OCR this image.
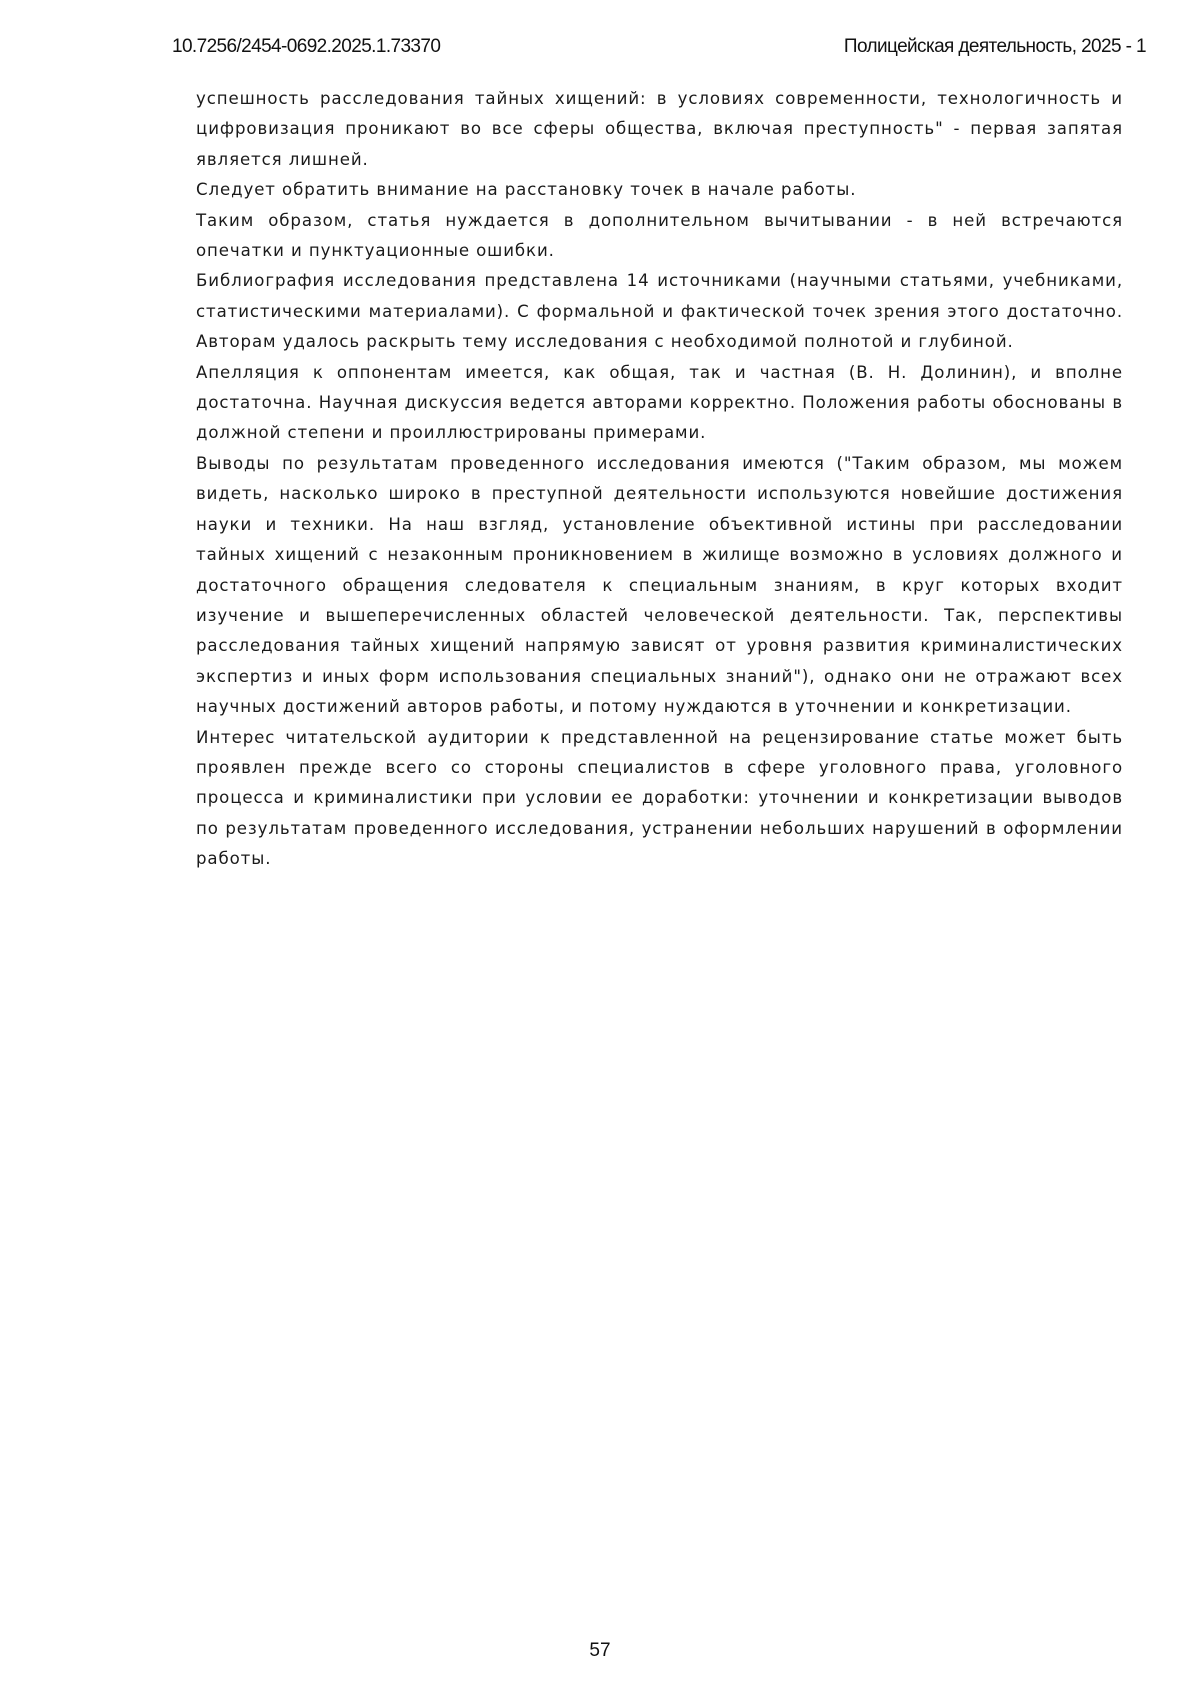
10.7256/2454-0692.2025.1.73370	Полицейская деятельность, 2025 - 1

успешность расследования тайных хищений: в условиях современности, технологичность и цифровизация проникают во все сферы общества, включая преступность" - первая запятая является лишней.

Следует обратить внимание на расстановку точек в начале работы.

Таким образом, статья нуждается в дополнительном вычитывании - в ней встречаются опечатки и пунктуационные ошибки.

Библиография исследования представлена 14 источниками (научными статьями, учебниками, статистическими материалами). С формальной и фактической точек зрения этого достаточно. Авторам удалось раскрыть тему исследования с необходимой полнотой и глубиной.

Апелляция к оппонентам имеется, как общая, так и частная (В. Н. Долинин), и вполне достаточна. Научная дискуссия ведется авторами корректно. Положения работы обоснованы в должной степени и проиллюстрированы примерами.

Выводы по результатам проведенного исследования имеются ("Таким образом, мы можем видеть, насколько широко в преступной деятельности используются новейшие достижения науки и техники. На наш взгляд, установление объективной истины при расследовании тайных хищений с незаконным проникновением в жилище возможно в условиях должного и достаточного обращения следователя к специальным знаниям, в круг которых входит изучение и вышеперечисленных областей человеческой деятельности. Так, перспективы расследования тайных хищений напрямую зависят от уровня развития криминалистических экспертиз и иных форм использования специальных знаний"), однако они не отражают всех научных достижений авторов работы, и потому нуждаются в уточнении и конкретизации.

Интерес читательской аудитории к представленной на рецензирование статье может быть проявлен прежде всего со стороны специалистов в сфере уголовного права, уголовного процесса и криминалистики при условии ее доработки: уточнении и конкретизации выводов по результатам проведенного исследования, устранении небольших нарушений в оформлении работы.

57
